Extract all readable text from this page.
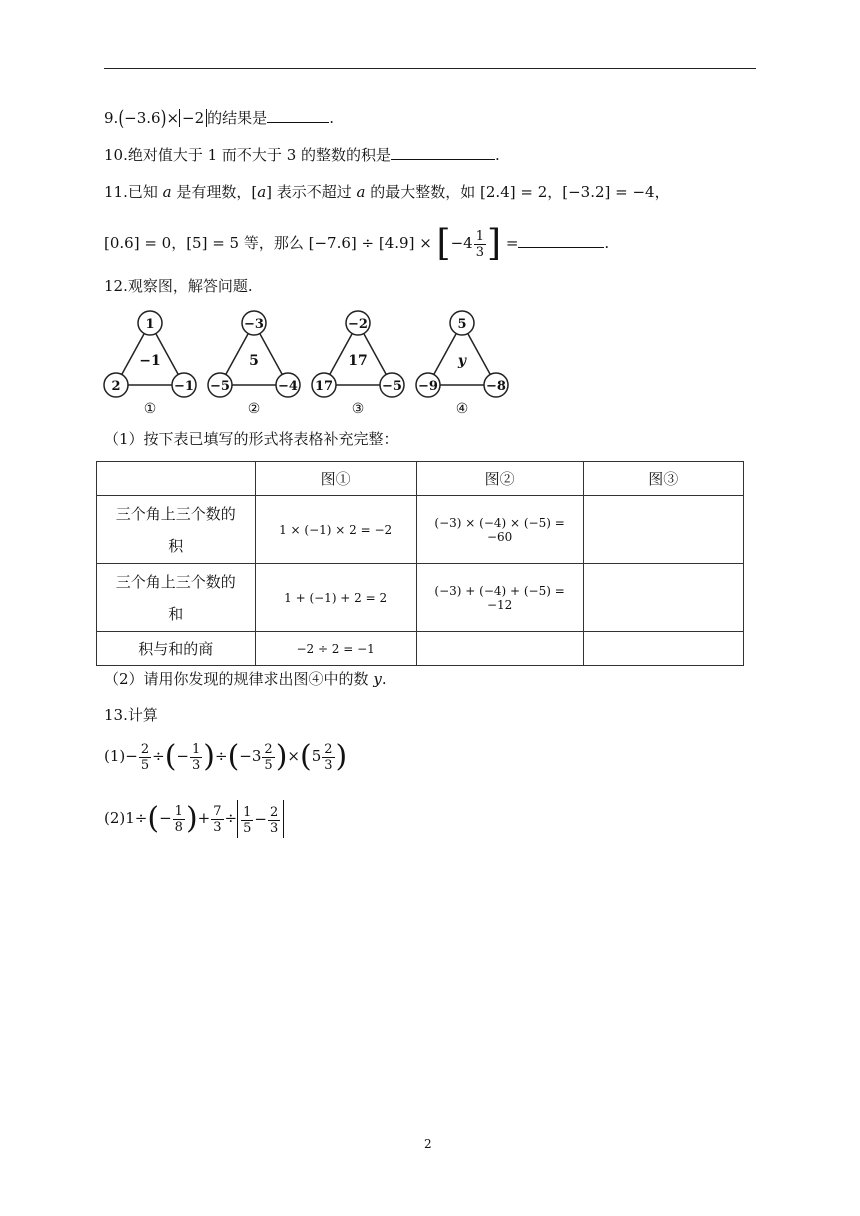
9.(−3.6)× −2 的结果是	.
10.绝对值大于 1 而不大于 3 的整数的积是	.
11.已知 a 是有理数，[a] 表示不超过 a 的最大整数，如 [2.4] = 2，[−3.2] = −4，
[0.6] = 0，[5] = 5 等，那么 $[-7.6] \div [4.9] \times [-4 \frac{1}{3}$ ] =	.
12.观察图，解答问题.
1
2	−1
−1
①
−3
−5	−4
5
②
−2
17	−5
17
③
5
−9	−8
y
④
（1）按下表已填写的形式将表格补充完整：
	图①	图②	图③
三个角上三个数的
积	1 × (−1) × 2 = −2	(−3) × (−4) × (−5) = −60	
三个角上三个数的
和	1 + (−1) + 2 = 2	(−3) + (−4) + (−5) = −12	
积与和的商	−2 ÷ 2 = −1		
（2）请用你发现的规律求出图④中的数 y.
13.计算
$(1)- \frac{2}{5}$ ÷(− $\frac{1}{3} )\div(-3 \frac{2}{5} )\times(5 \frac{2}{3}$ )
$(2)1\div(- \frac{1}{8}$ )+ $\frac{7}{3} \div \frac{1}{5} - \frac{2}{3}$
2
